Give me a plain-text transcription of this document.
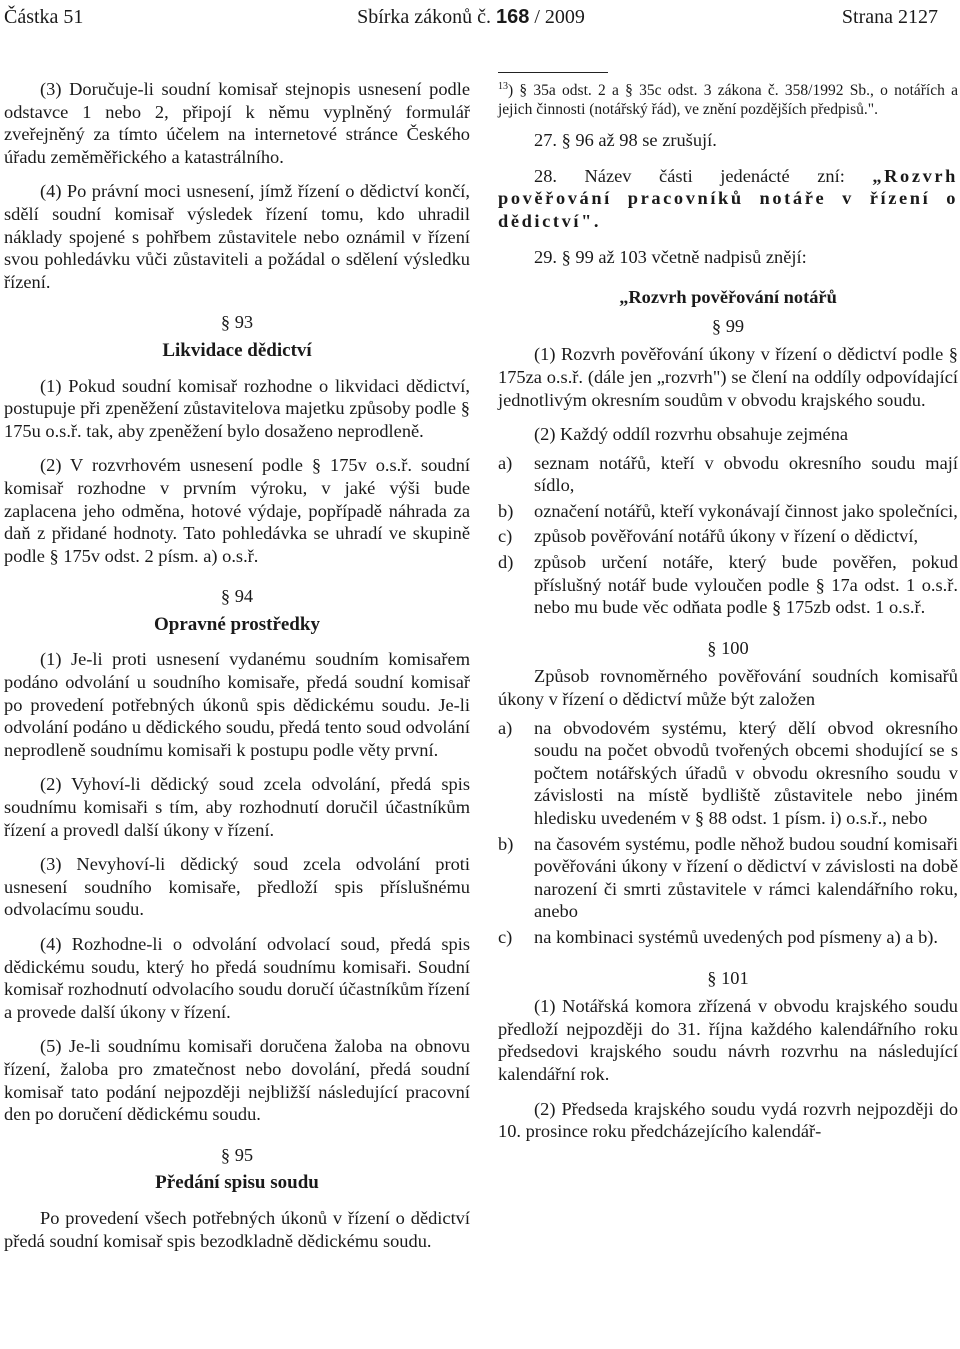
Částka 51	Sbírka zákonů č. 168 / 2009	Strana 2127

(3) Doručuje-li soudní komisař stejnopis usnesení podle odstavce 1 nebo 2, připojí k němu vyplněný formulář zveřejněný za tímto účelem na internetové stránce Českého úřadu zeměměřického a katastrálního.

(4) Po právní moci usnesení, jímž řízení o dědictví končí, sdělí soudní komisař výsledek řízení tomu, kdo uhradil náklady spojené s pohřbem zůstavitele nebo oznámil v řízení svou pohledávku vůči zůstaviteli a požádal o sdělení výsledku řízení.

§ 93
Likvidace dědictví

(1) Pokud soudní komisař rozhodne o likvidaci dědictví, postupuje při zpeněžení zůstavitelova majetku způsoby podle § 175u o.s.ř. tak, aby zpeněžení bylo dosaženo neprodleně.

(2) V rozvrhovém usnesení podle § 175v o.s.ř. soudní komisař rozhodne v prvním výroku, v jaké výši bude zaplacena jeho odměna, hotové výdaje, popřípadě náhrada za daň z přidané hodnoty. Tato pohledávka se uhradí ve skupině podle § 175v odst. 2 písm. a) o.s.ř.

§ 94
Opravné prostředky

(1) Je-li proti usnesení vydanému soudním komisařem podáno odvolání u soudního komisaře, předá soudní komisař po provedení potřebných úkonů spis dědickému soudu. Je-li odvolání podáno u dědického soudu, předá tento soud odvolání neprodleně soudnímu komisaři k postupu podle věty první.

(2) Vyhoví-li dědický soud zcela odvolání, předá spis soudnímu komisaři s tím, aby rozhodnutí doručil účastníkům řízení a provedl další úkony v řízení.

(3) Nevyhoví-li dědický soud zcela odvolání proti usnesení soudního komisaře, předloží spis příslušnému odvolacímu soudu.

(4) Rozhodne-li o odvolání odvolací soud, předá spis dědickému soudu, který ho předá soudnímu komisaři. Soudní komisař rozhodnutí odvolacího soudu doručí účastníkům řízení a provede další úkony v řízení.

(5) Je-li soudnímu komisaři doručena žaloba na obnovu řízení, žaloba pro zmatečnost nebo dovolání, předá soudní komisař tato podání nejpozději nejbližší následující pracovní den po doručení dědickému soudu.

§ 95
Předání spisu soudu

Po provedení všech potřebných úkonů v řízení o dědictví předá soudní komisař spis bezodkladně dědickému soudu.

$^{13}$) § 35a odst. 2 a § 35c odst. 3 zákona č. 358/1992 Sb., o notářích a jejich činnosti (notářský řád), ve znění pozdějších předpisů.".

27. § 96 až 98 se zrušují.

28. Název části jedenácté zní: „Rozvrh pověřování pracovníků notáře v řízení o dědictví".

29. § 99 až 103 včetně nadpisů znějí:

„Rozvrh pověřování notářů
§ 99

(1) Rozvrh pověřování úkony v řízení o dědictví podle § 175za o.s.ř. (dále jen „rozvrh") se člení na oddíly odpovídající jednotlivým okresním soudům v obvodu krajského soudu.

(2) Každý oddíl rozvrhu obsahuje zejména

a)	seznam notářů, kteří v obvodu okresního soudu mají sídlo,
b)	označení notářů, kteří vykonávají činnost jako společníci,
c)	způsob pověřování notářů úkony v řízení o dědictví,
d)	způsob určení notáře, který bude pověřen, pokud příslušný notář bude vyloučen podle § 17a odst. 1 o.s.ř. nebo mu bude věc odňata podle § 175zb odst. 1 o.s.ř.
§ 100

Způsob rovnoměrného pověřování soudních komisařů úkony v řízení o dědictví může být založen

a)	na obvodovém systému, který dělí obvod okresního soudu na počet obvodů tvořených obcemi shodující se s počtem notářských úřadů v obvodu okresního soudu v závislosti na místě bydliště zůstavitele nebo jiném hledisku uvedeném v § 88 odst. 1 písm. i) o.s.ř., nebo
b)	na časovém systému, podle něhož budou soudní komisaři pověřováni úkony v řízení o dědictví v závislosti na době narození či smrti zůstavitele v rámci kalendářního roku, anebo
c)	na kombinaci systémů uvedených pod písmeny a) a b).
§ 101

(1) Notářská komora zřízená v obvodu krajského soudu předloží nejpozději do 31. října každého kalendářního roku předsedovi krajského soudu návrh rozvrhu na následující kalendářní rok.

(2) Předseda krajského soudu vydá rozvrh nejpozději do 10. prosince roku předcházejícího kalendář-
